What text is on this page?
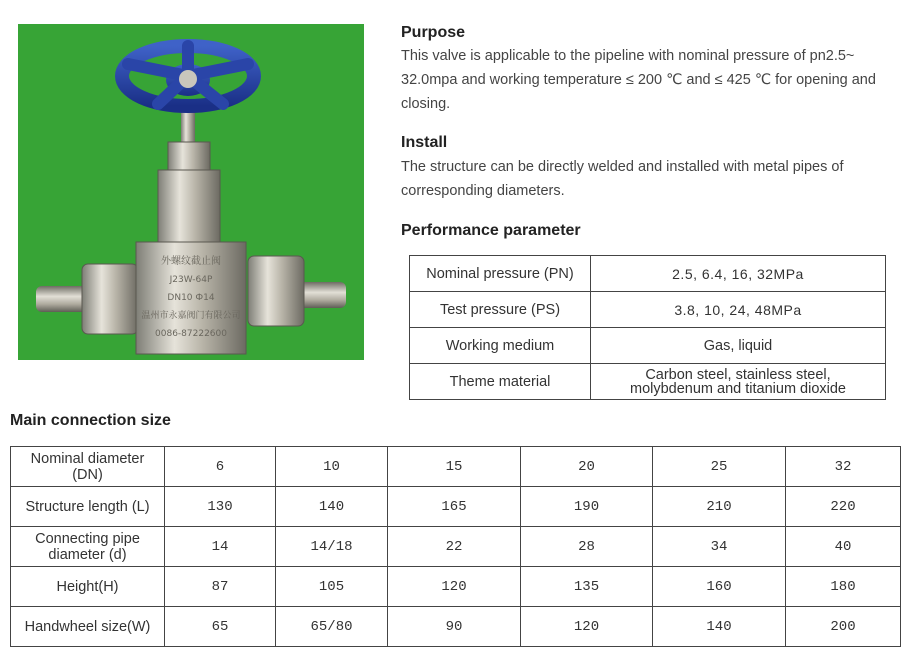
外螺纹截止阀
J23W-64P
DN10 Ф14
温州市永嘉阀门有限公司
0086-87222600
Purpose
This valve is applicable to the pipeline with nominal pressure of pn2.5~ 32.0mpa and working temperature ≤ 200 ℃ and ≤ 425 ℃ for opening and closing.
Install
The structure can be directly welded and installed with metal pipes of corresponding diameters.
Performance parameter
Nominal pressure (PN)	2.5, 6.4, 16, 32MPa
Test pressure (PS)	3.8, 10, 24, 48MPa
Working medium	Gas, liquid
Theme material	Carbon steel, stainless steel,
molybdenum and titanium dioxide
Main connection size
Nominal diameter
(DN)	6	10	15	20	25	32
Structure length (L)	130	140	165	190	210	220

Connecting pipe
diameter (d)	14	14/18	22	28	34	40
Height(H)	87	105	120	135	160	180
Handwheel size(W)	65	65/80	90	120	140	200
